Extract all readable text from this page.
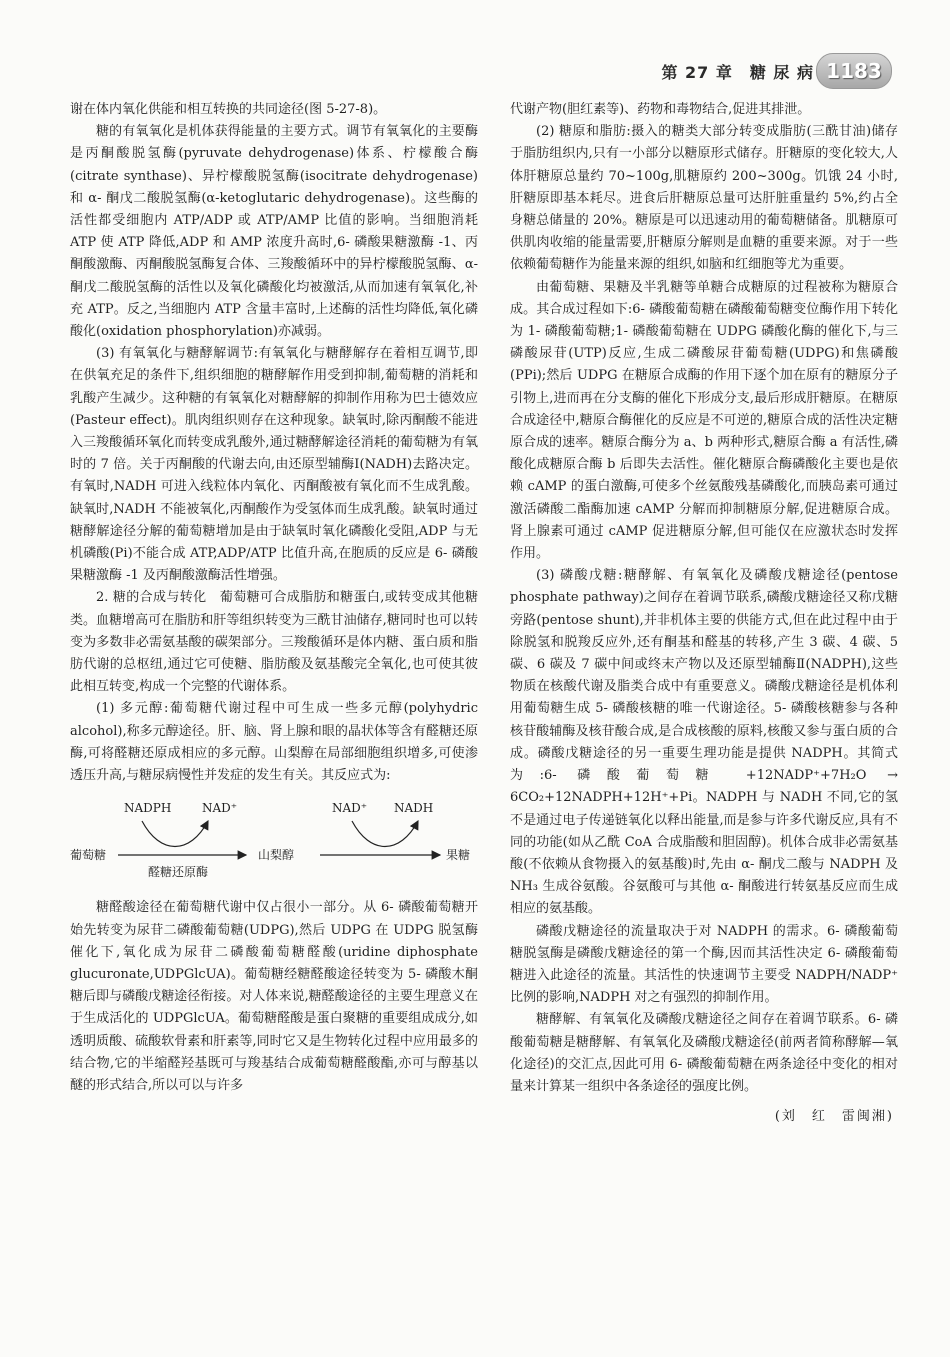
第 27 章　糖 尿 病 1183

谢在体内氧化供能和相互转换的共同途径(图 5-27-8)。

糖的有氧氧化是机体获得能量的主要方式。调节有氧氧化的主要酶是丙酮酸脱氢酶(pyruvate dehydrogenase)体系、柠檬酸合酶(citrate synthase)、异柠檬酸脱氢酶(isocitrate dehydrogenase)和 α- 酮戊二酸脱氢酶(α-ketoglutaric dehydrogenase)。这些酶的活性都受细胞内 ATP/ADP 或 ATP/AMP 比值的影响。当细胞消耗 ATP 使 ATP 降低,ADP 和 AMP 浓度升高时,6- 磷酸果糖激酶 -1、丙酮酸激酶、丙酮酸脱氢酶复合体、三羧酸循环中的异柠檬酸脱氢酶、α- 酮戊二酸脱氢酶的活性以及氧化磷酸化均被激活,从而加速有氧氧化,补充 ATP。反之,当细胞内 ATP 含量丰富时,上述酶的活性均降低,氧化磷酸化(oxidation phosphorylation)亦减弱。

(3) 有氧氧化与糖酵解调节:有氧氧化与糖酵解存在着相互调节,即在供氧充足的条件下,组织细胞的糖酵解作用受到抑制,葡萄糖的消耗和乳酸产生减少。这种糖的有氧氧化对糖酵解的抑制作用称为巴士德效应(Pasteur effect)。肌肉组织则存在这种现象。缺氧时,除丙酮酸不能进入三羧酸循环氧化而转变成乳酸外,通过糖酵解途径消耗的葡萄糖为有氧时的 7 倍。关于丙酮酸的代谢去向,由还原型辅酶Ⅰ(NADH)去路决定。有氧时,NADH 可进入线粒体内氧化、丙酮酸被有氧化而不生成乳酸。缺氧时,NADH 不能被氧化,丙酮酸作为受氢体而生成乳酸。缺氧时通过糖酵解途径分解的葡萄糖增加是由于缺氧时氧化磷酸化受阻,ADP 与无机磷酸(Pi)不能合成 ATP,ADP/ATP 比值升高,在胞质的反应是 6- 磷酸果糖激酶 -1 及丙酮酸激酶活性增强。

2. 糖的合成与转化　葡萄糖可合成脂肪和糖蛋白,或转变成其他糖类。血糖增高可在脂肪和肝等组织转变为三酰甘油储存,糖同时也可以转变为多数非必需氨基酸的碳架部分。三羧酸循环是体内糖、蛋白质和脂肪代谢的总枢纽,通过它可使糖、脂肪酸及氨基酸完全氧化,也可使其彼此相互转变,构成一个完整的代谢体系。

(1) 多元醇:葡萄糖代谢过程中可生成一些多元醇(polyhydric alcohol),称多元醇途径。肝、脑、肾上腺和眼的晶状体等含有醛糖还原酶,可将醛糖还原成相应的多元醇。山梨醇在局部细胞组织增多,可使渗透压升高,与糖尿病慢性并发症的发生有关。其反应式为:

NADPH	NAD⁺	NAD⁺ NADH
葡萄糖	山梨醇	果糖
醛糖还原酶

糖醛酸途径在葡萄糖代谢中仅占很小一部分。从 6- 磷酸葡萄糖开始先转变为尿苷二磷酸葡萄糖(UDPG),然后 UDPG 在 UDPG 脱氢酶催化下,氧化成为尿苷二磷酸葡萄糖醛酸(uridine diphosphate glucuronate,UDPGlcUA)。葡萄糖经糖醛酸途径转变为 5- 磷酸木酮糖后即与磷酸戊糖途径衔接。对人体来说,糖醛酸途径的主要生理意义在于生成活化的 UDPGlcUA。葡萄糖醛酸是蛋白聚糖的重要组成成分,如透明质酸、硫酸软骨素和肝素等,同时它又是生物转化过程中应用最多的结合物,它的半缩醛羟基既可与羧基结合成葡萄糖醛酸酯,亦可与醇基以醚的形式结合,所以可以与许多

代谢产物(胆红素等)、药物和毒物结合,促进其排泄。

(2) 糖原和脂肪:摄入的糖类大部分转变成脂肪(三酰甘油)储存于脂肪组织内,只有一小部分以糖原形式储存。肝糖原的变化较大,人体肝糖原总量约 70~100g,肌糖原约 200~300g。饥饿 24 小时,肝糖原即基本耗尽。进食后肝糖原总量可达肝脏重量约 5%,约占全身糖总储量的 20%。糖原是可以迅速动用的葡萄糖储备。肌糖原可供肌肉收缩的能量需要,肝糖原分解则是血糖的重要来源。对于一些依赖葡萄糖作为能量来源的组织,如脑和红细胞等尤为重要。

由葡萄糖、果糖及半乳糖等单糖合成糖原的过程被称为糖原合成。其合成过程如下:6- 磷酸葡萄糖在磷酸葡萄糖变位酶作用下转化为 1- 磷酸葡萄糖;1- 磷酸葡萄糖在 UDPG 磷酸化酶的催化下,与三磷酸尿苷(UTP)反应,生成二磷酸尿苷葡萄糖(UDPG)和焦磷酸(PPi);然后 UDPG 在糖原合成酶的作用下逐个加在原有的糖原分子引物上,进而再在分支酶的催化下形成分支,最后形成肝糖原。在糖原合成途径中,糖原合酶催化的反应是不可逆的,糖原合成的活性决定糖原合成的速率。糖原合酶分为 a、b 两种形式,糖原合酶 a 有活性,磷酸化成糖原合酶 b 后即失去活性。催化糖原合酶磷酸化主要也是依赖 cAMP 的蛋白激酶,可使多个丝氨酸残基磷酸化,而胰岛素可通过激活磷酸二酯酶加速 cAMP 分解而抑制糖原分解,促进糖原合成。肾上腺素可通过 cAMP 促进糖原分解,但可能仅在应激状态时发挥作用。

(3) 磷酸戊糖:糖酵解、有氧氧化及磷酸戊糖途径(pentose phosphate pathway)之间存在着调节联系,磷酸戊糖途径又称戊糖旁路(pentose shunt),并非机体主要的供能方式,但在此过程中由于除脱氢和脱羧反应外,还有酮基和醛基的转移,产生 3 碳、4 碳、5 碳、6 碳及 7 碳中间或终末产物以及还原型辅酶Ⅱ(NADPH),这些物质在核酸代谢及脂类合成中有重要意义。磷酸戊糖途径是机体利用葡萄糖生成 5- 磷酸核糖的唯一代谢途径。5- 磷酸核糖参与各种核苷酸辅酶及核苷酸合成,是合成核酸的原料,核酸又参与蛋白质的合成。磷酸戊糖途径的另一重要生理功能是提供 NADPH。其简式为:6- 磷酸葡萄糖 +12NADP⁺+7H₂O → 6CO₂+12NADPH+12H⁺+Pi。NADPH 与 NADH 不同,它的氢不是通过电子传递链氧化以释出能量,而是参与许多代谢反应,具有不同的功能(如从乙酰 CoA 合成脂酸和胆固醇)。机体合成非必需氨基酸(不依赖从食物摄入的氨基酸)时,先由 α- 酮戊二酸与 NADPH 及 NH₃ 生成谷氨酸。谷氨酸可与其他 α- 酮酸进行转氨基反应而生成相应的氨基酸。

磷酸戊糖途径的流量取决于对 NADPH 的需求。6- 磷酸葡萄糖脱氢酶是磷酸戊糖途径的第一个酶,因而其活性决定 6- 磷酸葡萄糖进入此途径的流量。其活性的快速调节主要受 NADPH/NADP⁺ 比例的影响,NADPH 对之有强烈的抑制作用。

糖酵解、有氧氧化及磷酸戊糖途径之间存在着调节联系。6- 磷酸葡萄糖是糖酵解、有氧氧化及磷酸戊糖途径(前两者简称酵解—氧化途径)的交汇点,因此可用 6- 磷酸葡萄糖在两条途径中变化的相对量来计算某一组织中各条途径的强度比例。

(刘　红　雷闽湘)
